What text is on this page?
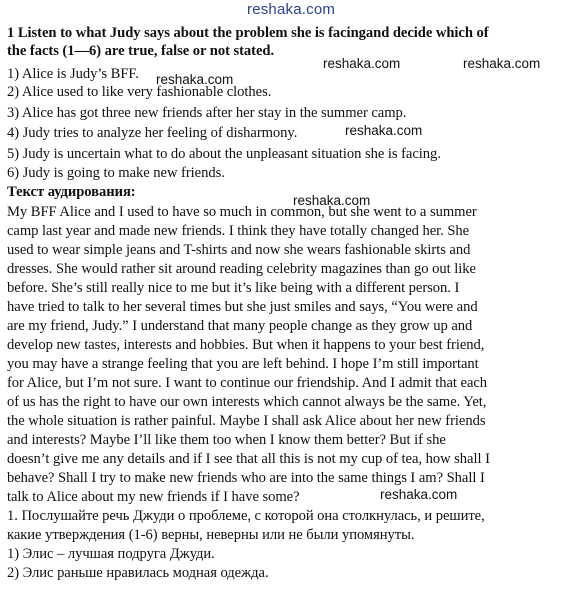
reshaka.com
1 Listen to what Judy says about the problem she is facingand decide which of
the facts (1—6) are true, false or not stated.
reshaka.com	reshaka.com
1) Alice is Judy’s BFF. reshaka.com
2) Alice used to like very fashionable clothes.
3) Alice has got three new friends after her stay in the summer camp.
4) Judy tries to analyze her feeling of disharmony.	reshaka.com
5) Judy is uncertain what to do about the unpleasant situation she is facing.
6) Judy is going to make new friends.
Текст аудирования:
reshaka.com
My BFF Alice and I used to have so much in common, but she went to a summer
camp last year and made new friends. I think they have totally changed her. She
used to wear simple jeans and T-shirts and now she wears fashionable skirts and
dresses. She would rather sit around reading celebrity magazines than go out like
before. She’s still really nice to me but it’s like being with a different person. I
have tried to talk to her several times but she just smiles and says, “You were and
are my friend, Judy.” I understand that many people change as they grow up and
develop new tastes, interests and hobbies. But when it happens to your best friend,
you may have a strange feeling that you are left behind. I hope I’m still important
for Alice, but I’m not sure. I want to continue our friendship. And I admit that each
of us has the right to have our own interests which cannot always be the same. Yet,
the whole situation is rather painful. Maybe I shall ask Alice about her new friends
and interests? Maybe I’ll like them too when I know them better? But if she
doesn’t give me any details and if I see that all this is not my cup of tea, how shall I
behave? Shall I try to make new friends who are into the same things I am? Shall I
talk to Alice about my new friends if I have some?	reshaka.com
1. Послушайте речь Джуди о проблеме, с которой она столкнулась, и решите,
какие утверждения (1-6) верны, неверны или не были упомянуты.
1) Элис – лучшая подруга Джуди.
2) Элис раньше нравилась модная одежда.
